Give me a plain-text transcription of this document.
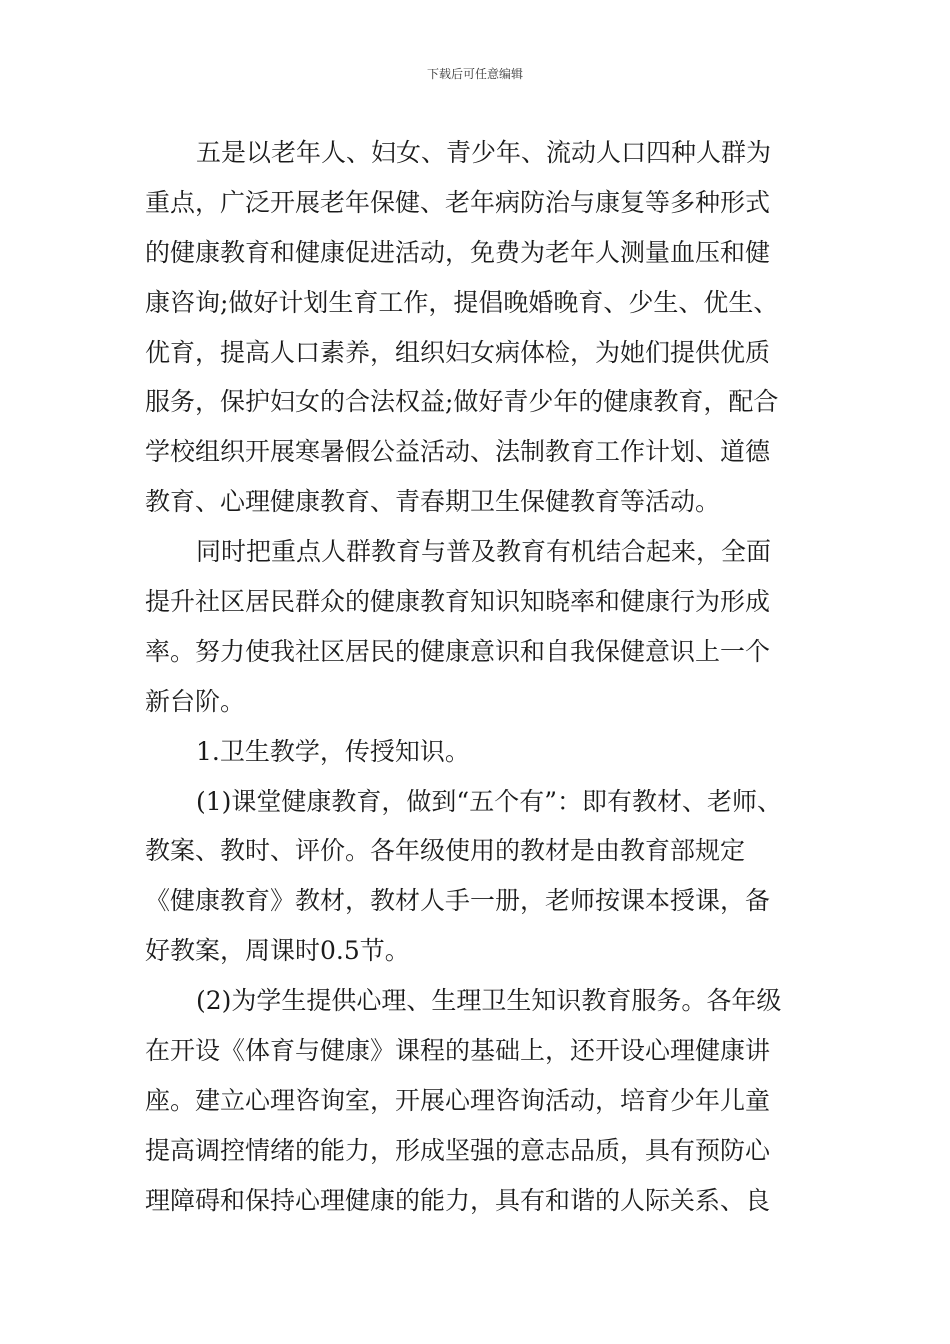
下载后可任意编辑
五是以老年人、妇女、青少年、流动人口四种人群为
重点，广泛开展老年保健、老年病防治与康复等多种形式
的健康教育和健康促进活动，免费为老年人测量血压和健
康咨询;做好计划生育工作，提倡晚婚晚育、少生、优生、
优育，提高人口素养，组织妇女病体检，为她们提供优质
服务，保护妇女的合法权益;做好青少年的健康教育，配合
学校组织开展寒暑假公益活动、法制教育工作计划、道德
教育、心理健康教育、青春期卫生保健教育等活动。
同时把重点人群教育与普及教育有机结合起来，全面
提升社区居民群众的健康教育知识知晓率和健康行为形成
率。努力使我社区居民的健康意识和自我保健意识上一个
新台阶。
1.卫生教学，传授知识。
(1)课堂健康教育，做到“五个有”：即有教材、老师、
教案、教时、评价。各年级使用的教材是由教育部规定
《健康教育》教材，教材人手一册，老师按课本授课，备
好教案，周课时0.5节。
(2)为学生提供心理、生理卫生知识教育服务。各年级
在开设《体育与健康》课程的基础上，还开设心理健康讲
座。建立心理咨询室，开展心理咨询活动，培育少年儿童
提高调控情绪的能力，形成坚强的意志品质，具有预防心
理障碍和保持心理健康的能力，具有和谐的人际关系、良
